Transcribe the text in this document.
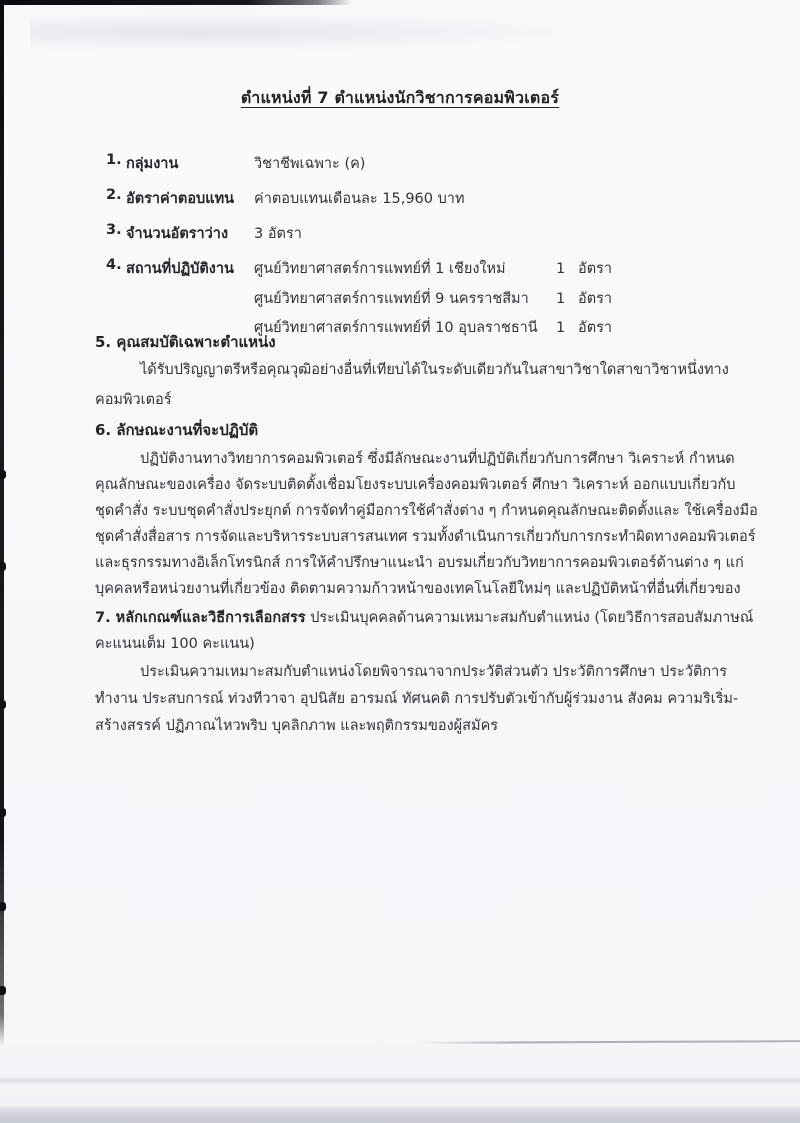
ตำแหน่งที่ 7 ตำแหน่งนักวิชาการคอมพิวเตอร์
1. กลุ่มงาน	วิชาชีพเฉพาะ (ค)
2. อัตราค่าตอบแทน	ค่าตอบแทนเดือนละ 15,960 บาท
3. จำนวนอัตราว่าง	3 อัตรา
4. สถานที่ปฏิบัติงาน	ศูนย์วิทยาศาสตร์การแพทย์ที่ 1 เชียงใหม่	1 อัตรา
ศูนย์วิทยาศาสตร์การแพทย์ที่ 9 นครราชสีมา	1 อัตรา
ศูนย์วิทยาศาสตร์การแพทย์ที่ 10 อุบลราชธานี	1 อัตรา
5. คุณสมบัติเฉพาะตำแหน่ง
ได้รับปริญญาตรีหรือคุณวุฒิอย่างอื่นที่เทียบได้ในระดับเดียวกันในสาขาวิชาใดสาขาวิชาหนึ่งทาง
คอมพิวเตอร์
6. ลักษณะงานที่จะปฏิบัติ
ปฏิบัติงานทางวิทยาการคอมพิวเตอร์ ซึ่งมีลักษณะงานที่ปฏิบัติเกี่ยวกับการศึกษา วิเคราะห์ กำหนด
คุณลักษณะของเครื่อง จัดระบบติดตั้งเชื่อมโยงระบบเครื่องคอมพิวเตอร์ ศึกษา วิเคราะห์ ออกแบบเกี่ยวกับ
ชุดคำสั่ง ระบบชุดคำสั่งประยุกต์ การจัดทำคู่มือการใช้คำสั่งต่าง ๆ กำหนดคุณลักษณะติดตั้งและ ใช้เครื่องมือ
ชุดคำสั่งสื่อสาร การจัดและบริหารระบบสารสนเทศ รวมทั้งดำเนินการเกี่ยวกับการกระทำผิดทางคอมพิวเตอร์
และธุรกรรมทางอิเล็กโทรนิกส์ การให้คำปรึกษาแนะนำ อบรมเกี่ยวกับวิทยาการคอมพิวเตอร์ด้านต่าง ๆ แก่
บุคคลหรือหน่วยงานที่เกี่ยวข้อง ติดตามความก้าวหน้าของเทคโนโลยีใหม่ๆ และปฏิบัติหน้าที่อื่นที่เกี่ยวของ
7. หลักเกณฑ์และวิธีการเลือกสรร ประเมินบุคคลด้านความเหมาะสมกับตำแหน่ง (โดยวิธีการสอบสัมภาษณ์
คะแนนเต็ม 100 คะแนน)
ประเมินความเหมาะสมกับตำแหน่งโดยพิจารณาจากประวัติส่วนตัว ประวัติการศึกษา ประวัติการ
ทำงาน ประสบการณ์ ท่วงทีวาจา อุปนิสัย อารมณ์ ทัศนคติ การปรับตัวเข้ากับผู้ร่วมงาน สังคม ความริเริ่ม-
สร้างสรรค์ ปฏิภาณไหวพริบ บุคลิกภาพ และพฤติกรรมของผู้สมัคร
